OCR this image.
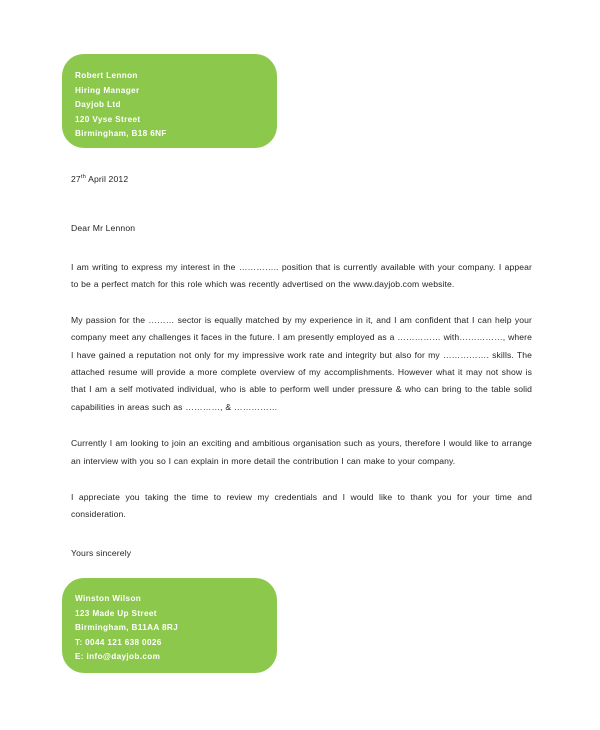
Robert Lennon
Hiring Manager
Dayjob Ltd
120 Vyse Street
Birmingham, B18 6NF

27th April 2012

Dear Mr Lennon

I am writing to express my interest in the ………….. position that is currently available with your company. I appear to be a perfect match for this role which was recently advertised on the www.dayjob.com website.

My passion for the ……… sector is equally matched by my experience in it, and I am confident that I can help your company meet any challenges it faces in the future. I am presently employed as a …………… with……………, where I have gained a reputation not only for my impressive work rate and integrity but also for my ……………. skills. The attached resume will provide a more complete overview of my accomplishments. However what it may not show is that I am a self motivated individual, who is able to perform well under pressure & who can bring to the table solid capabilities in areas such as …………, & ……………

Currently I am looking to join an exciting and ambitious organisation such as yours, therefore I would like to arrange an interview with you so I can explain in more detail the contribution I can make to your company.

I appreciate you taking the time to review my credentials and I would like to thank you for your time and consideration.

Yours sincerely

Winston Wilson
123 Made Up Street
Birmingham, B11AA 8RJ
T: 0044 121 638 0026
E: info@dayjob.com
